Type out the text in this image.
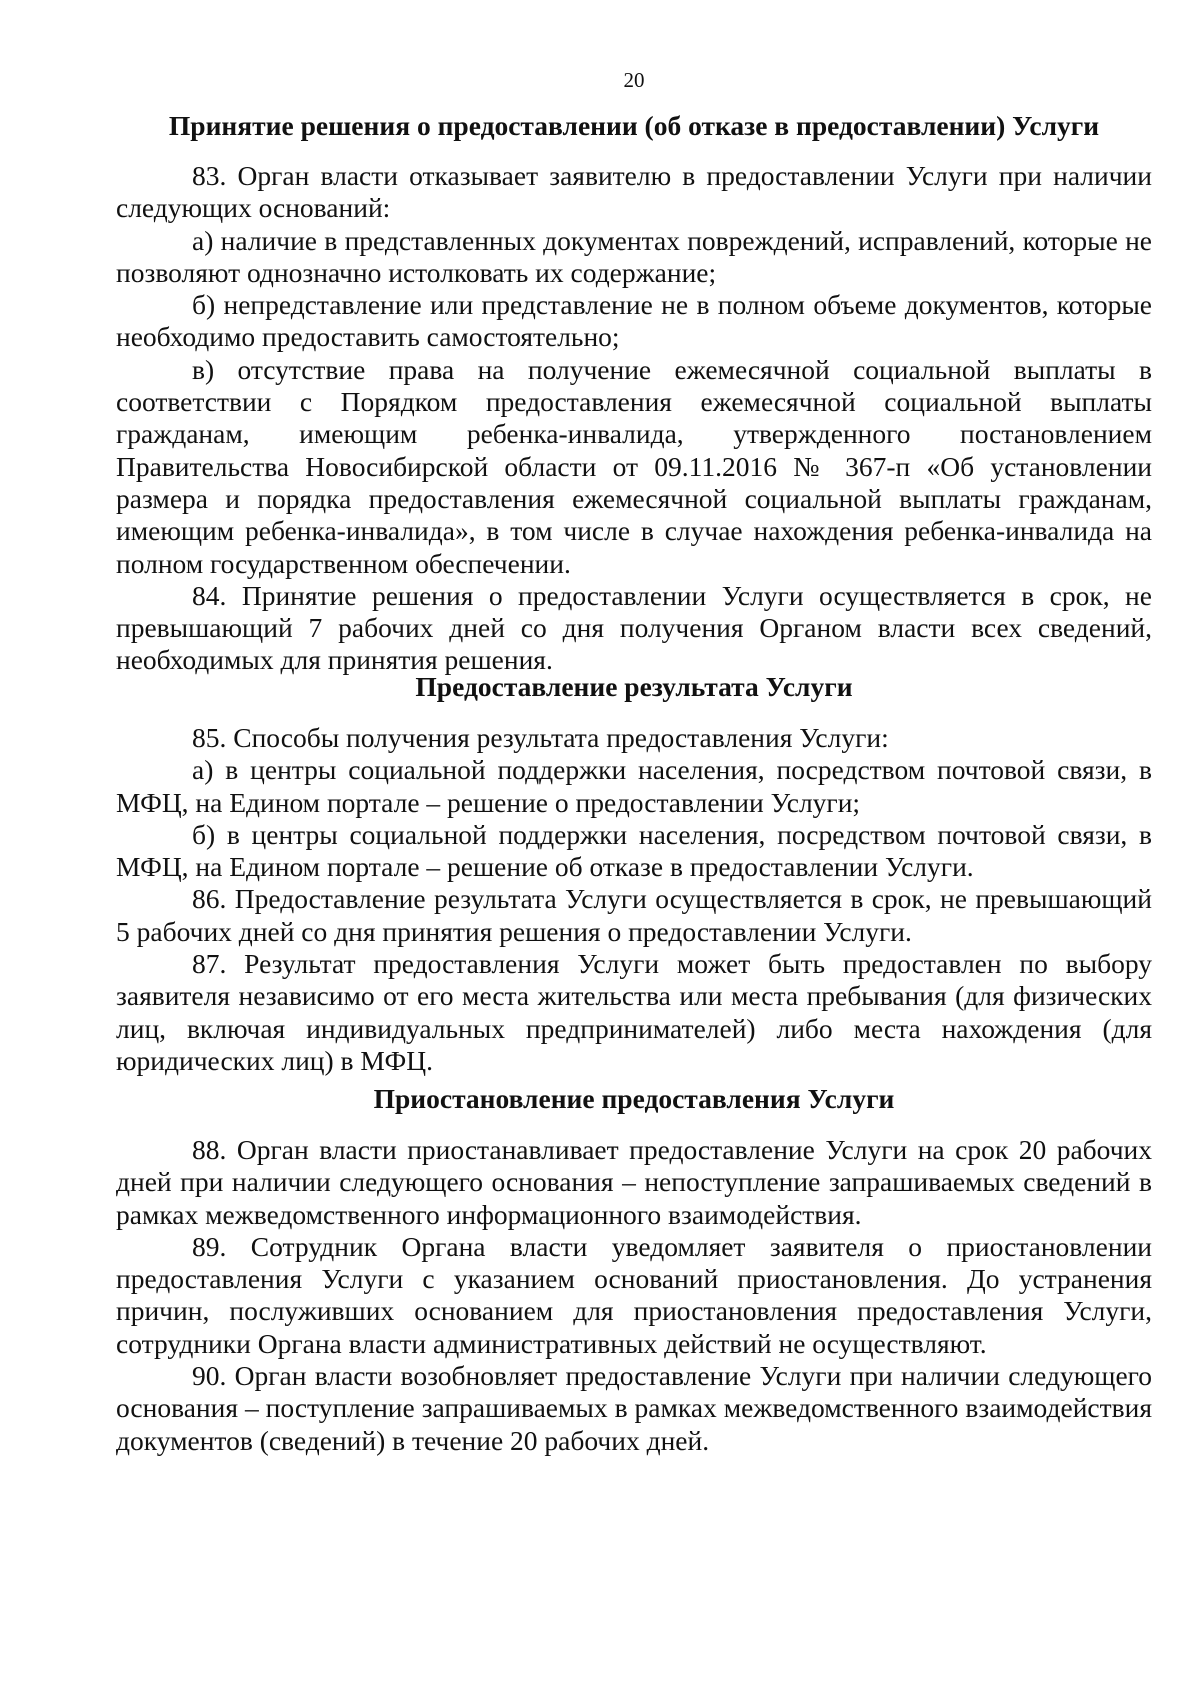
20

Принятие решения о предоставлении (об отказе в предоставлении) Услуги

83. Орган власти отказывает заявителю в предоставлении Услуги при наличии следующих оснований:

а) наличие в представленных документах повреждений, исправлений, которые не позволяют однозначно истолковать их содержание;

б) непредставление или представление не в полном объеме документов, которые необходимо предоставить самостоятельно;

в) отсутствие права на получение ежемесячной социальной выплаты в соответствии с Порядком предоставления ежемесячной социальной выплаты гражданам, имеющим ребенка-инвалида, утвержденного постановлением Правительства Новосибирской области от 09.11.2016 № 367-п «Об установлении размера и порядка предоставления ежемесячной социальной выплаты гражданам, имеющим ребенка-инвалида», в том числе в случае нахождения ребенка-инвалида на полном государственном обеспечении.

84. Принятие решения о предоставлении Услуги осуществляется в срок, не превышающий 7 рабочих дней со дня получения Органом власти всех сведений, необходимых для принятия решения.

Предоставление результата Услуги

85. Способы получения результата предоставления Услуги:

а) в центры социальной поддержки населения, посредством почтовой связи, в МФЦ, на Едином портале – решение о предоставлении Услуги;

б) в центры социальной поддержки населения, посредством почтовой связи, в МФЦ, на Едином портале – решение об отказе в предоставлении Услуги.

86. Предоставление результата Услуги осуществляется в срок, не превышающий 5 рабочих дней со дня принятия решения о предоставлении Услуги.

87. Результат предоставления Услуги может быть предоставлен по выбору заявителя независимо от его места жительства или места пребывания (для физических лиц, включая индивидуальных предпринимателей) либо места нахождения (для юридических лиц) в МФЦ.

Приостановление предоставления Услуги

88. Орган власти приостанавливает предоставление Услуги на срок 20 рабочих дней при наличии следующего основания – непоступление запрашиваемых сведений в рамках межведомственного информационного взаимодействия.

89. Сотрудник Органа власти уведомляет заявителя о приостановлении предоставления Услуги с указанием оснований приостановления. До устранения причин, послуживших основанием для приостановления предоставления Услуги, сотрудники Органа власти административных действий не осуществляют.

90. Орган власти возобновляет предоставление Услуги при наличии следующего основания – поступление запрашиваемых в рамках межведомственного взаимодействия документов (сведений) в течение 20 рабочих дней.
